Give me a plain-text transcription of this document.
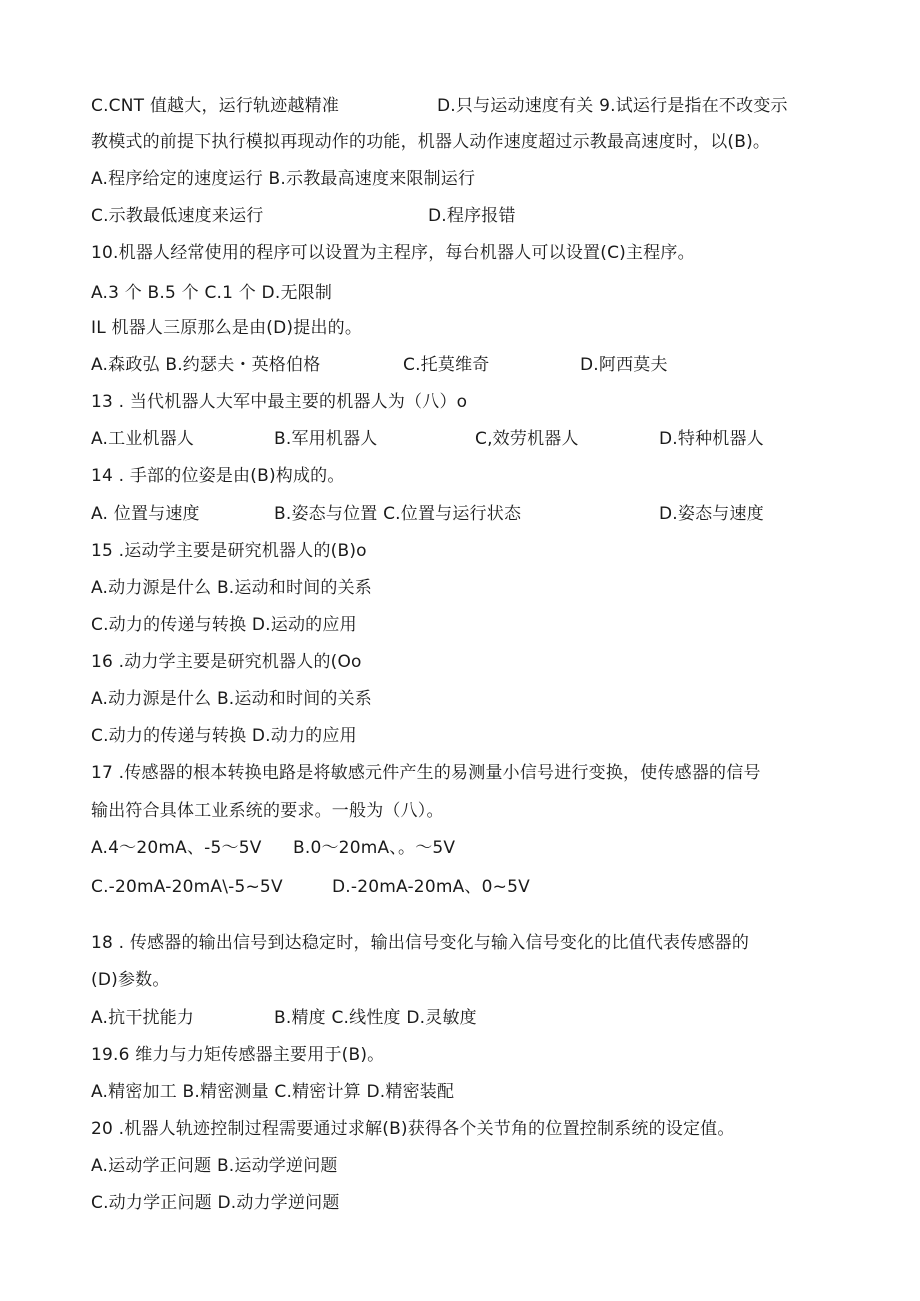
C.CNT 值越大，运行轨迹越精准	D.只与运动速度有关 9.试运行是指在不改变示
教模式的前提下执行模拟再现动作的功能，机器人动作速度超过示教最高速度时，以(B)。
A.程序给定的速度运行 B.示教最高速度来限制运行
C.示教最低速度来运行	D.程序报错
10.机器人经常使用的程序可以设置为主程序，每台机器人可以设置(C)主程序。
A.3 个 B.5 个 C.1 个 D.无限制
IL 机器人三原那么是由(D)提出的。
A.森政弘 B.约瑟夫・英格伯格	C.托莫维奇	D.阿西莫夫
13 . 当代机器人大军中最主要的机器人为（八）o
A.工业机器人	B.军用机器人	C,效劳机器人	D.特种机器人
14 . 手部的位姿是由(B)构成的。
A. 位置与速度	B.姿态与位置 C.位置与运行状态	D.姿态与速度
15 .运动学主要是研究机器人的(B)o
A.动力源是什么 B.运动和时间的关系
C.动力的传递与转换 D.运动的应用
16 .动力学主要是研究机器人的(Oo
A.动力源是什么 B.运动和时间的关系
C.动力的传递与转换 D.动力的应用
17 .传感器的根本转换电路是将敏感元件产生的易测量小信号进行变换，使传感器的信号
输出符合具体工业系统的要求。一般为（八）。
A.4～20mA、-5～5V B.0～20mA、。～5V
C.-20mA-20mA\-5~5V	D.-20mA-20mA、0~5V
18 . 传感器的输出信号到达稳定时，输出信号变化与输入信号变化的比值代表传感器的
(D)参数。
A.抗干扰能力	B.精度 C.线性度 D.灵敏度
19.6 维力与力矩传感器主要用于(B)。
A.精密加工 B.精密测量 C.精密计算 D.精密装配
20 .机器人轨迹控制过程需要通过求解(B)获得各个关节角的位置控制系统的设定值。
A.运动学正问题 B.运动学逆问题
C.动力学正问题 D.动力学逆问题
